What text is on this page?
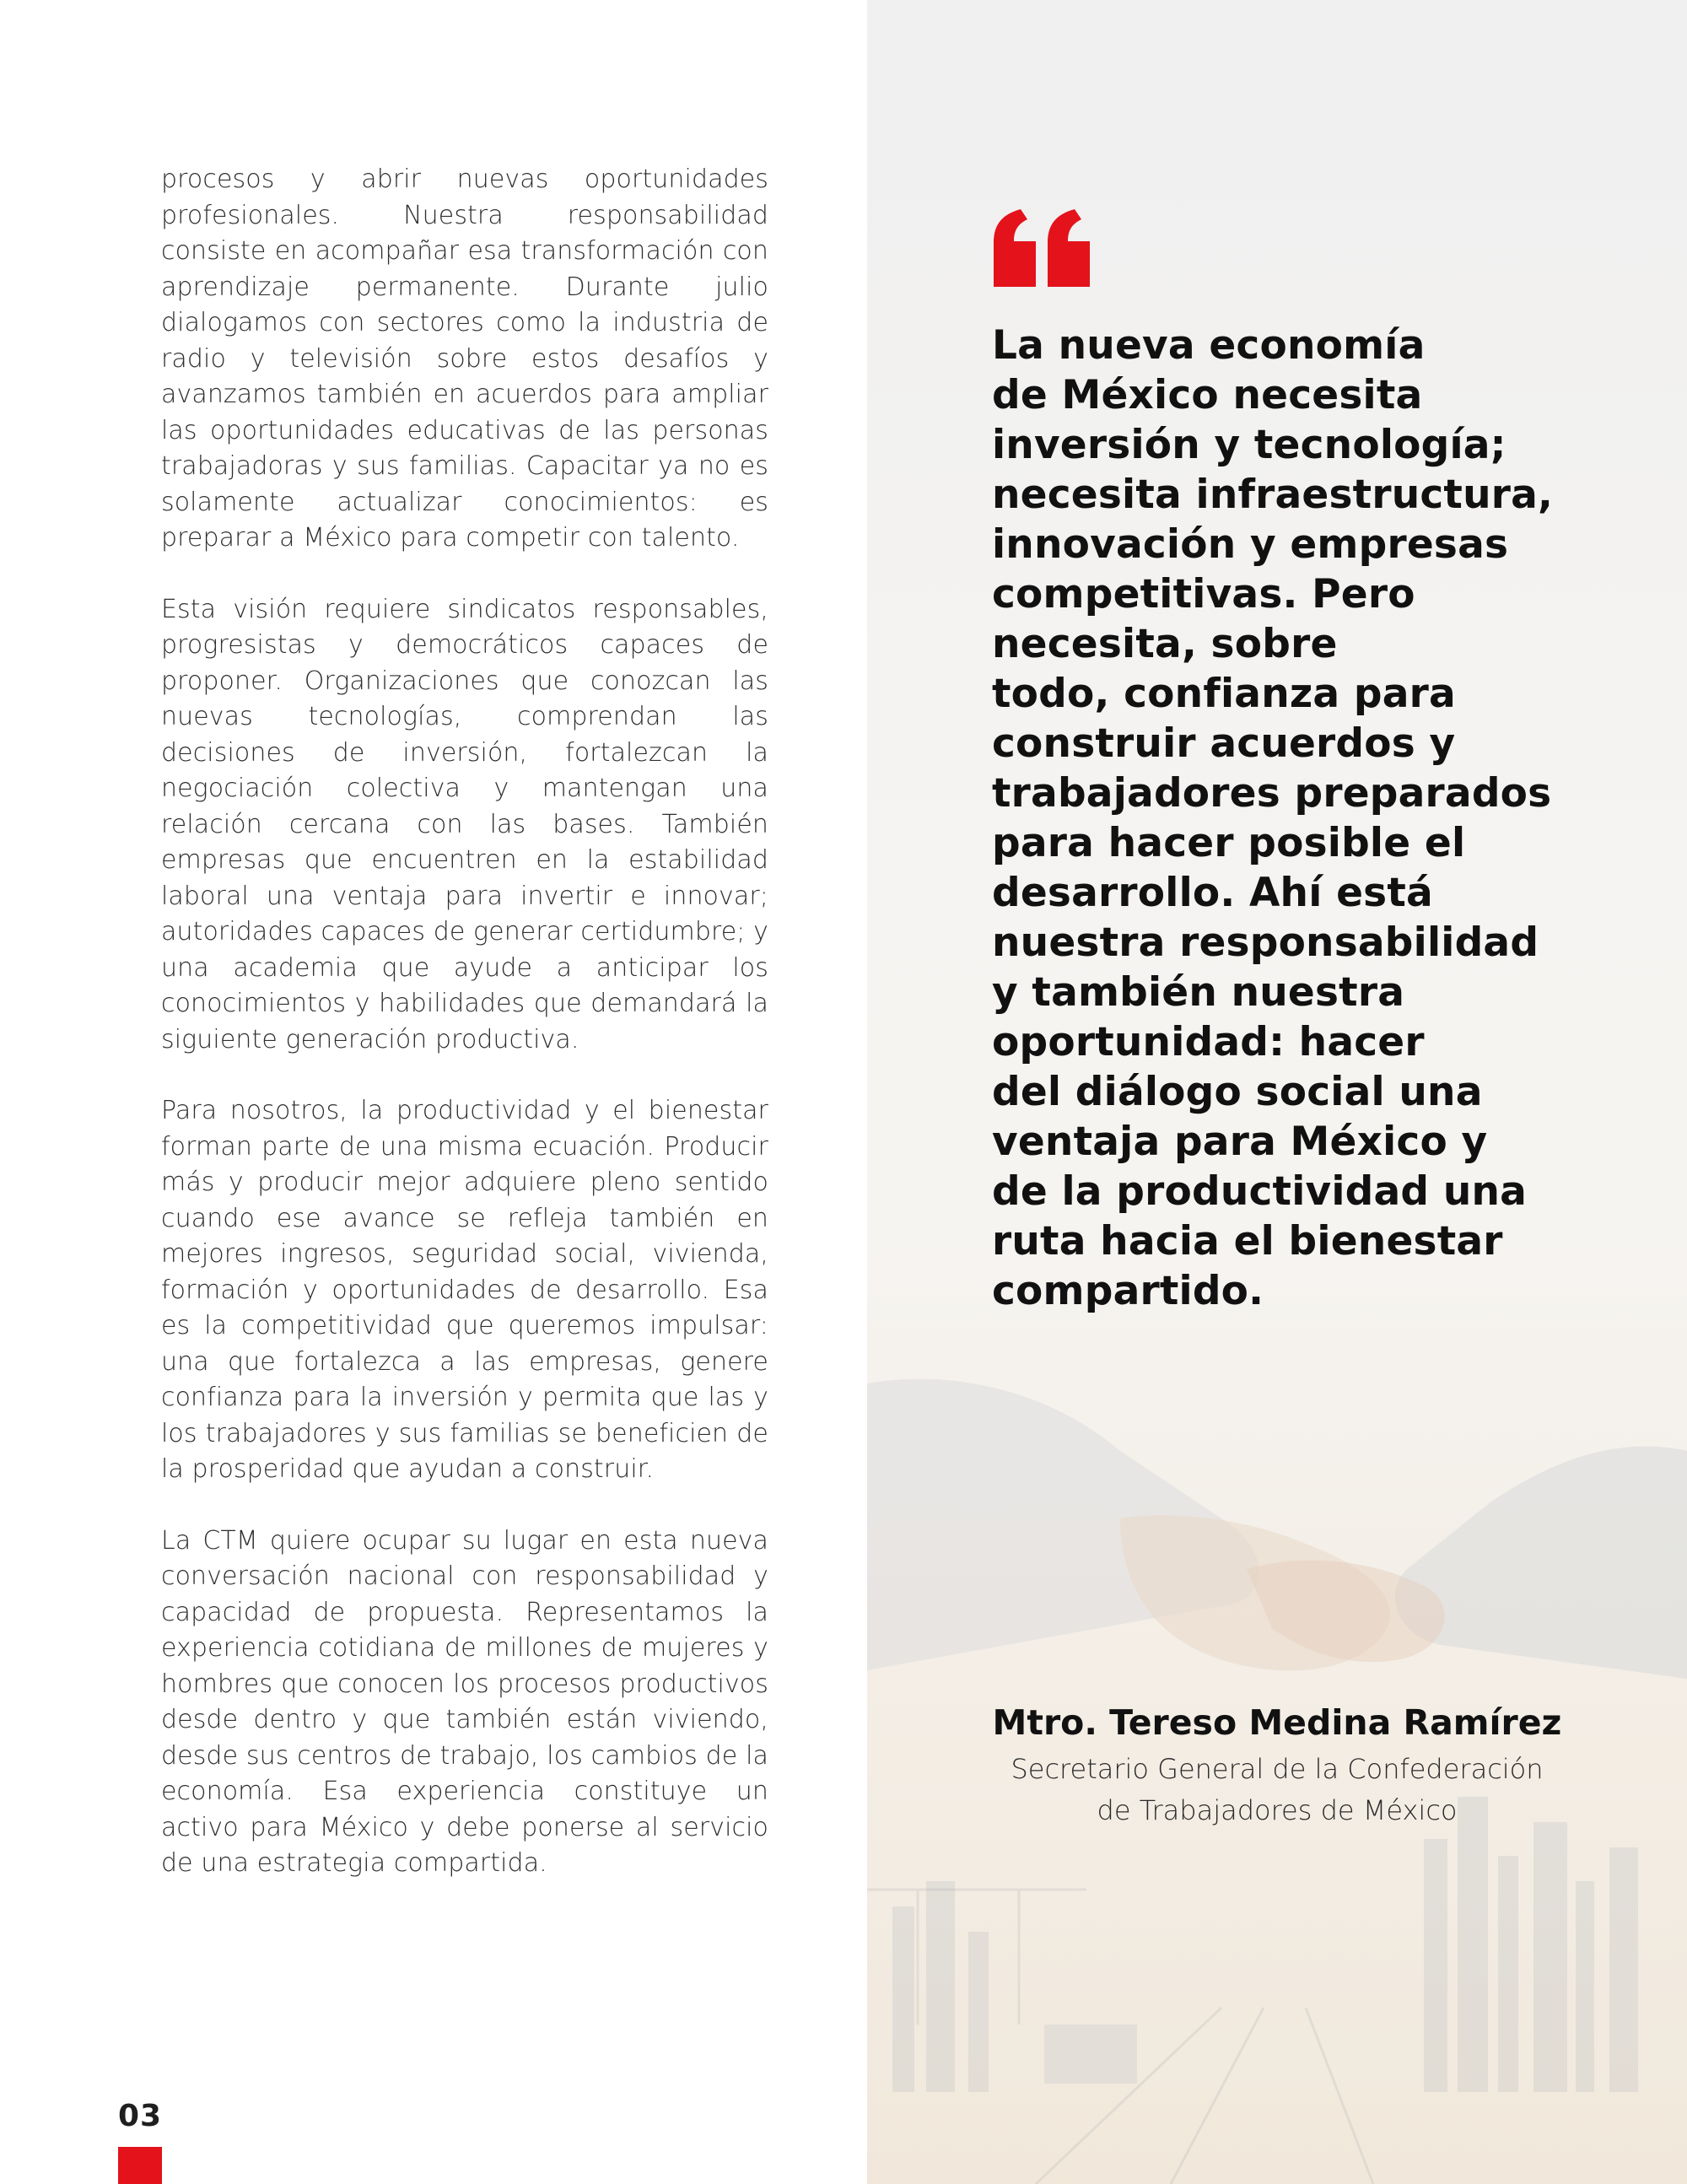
procesos y abrir nuevas oportunidades profesionales. Nuestra responsabilidad consiste en acompañar esa transformación con aprendizaje permanente. Durante julio dialogamos con sectores como la industria de radio y televisión sobre estos desafíos y avanzamos también en acuerdos para ampliar las oportunidades educativas de las personas trabajadoras y sus familias. Capacitar ya no es solamente actualizar conocimientos: es preparar a México para competir con talento.

Esta visión requiere sindicatos responsables, progresistas y democráticos capaces de proponer. Organizaciones que conozcan las nuevas tecnologías, comprendan las decisiones de inversión, fortalezcan la negociación colectiva y mantengan una relación cercana con las bases. También empresas que encuentren en la estabilidad laboral una ventaja para invertir e innovar; autoridades capaces de generar certidumbre; y una academia que ayude a anticipar los conocimientos y habilidades que demandará la siguiente generación productiva.

Para nosotros, la productividad y el bienestar forman parte de una misma ecuación. Producir más y producir mejor adquiere pleno sentido cuando ese avance se refleja también en mejores ingresos, seguridad social, vivienda, formación y oportunidades de desarrollo. Esa es la competitividad que queremos impulsar: una que fortalezca a las empresas, genere confianza para la inversión y permita que las y los trabajadores y sus familias se beneficien de la prosperidad que ayudan a construir.

La CTM quiere ocupar su lugar en esta nueva conversación nacional con responsabilidad y capacidad de propuesta. Representamos la experiencia cotidiana de millones de mujeres y hombres que conocen los procesos productivos desde dentro y que también están viviendo, desde sus centros de trabajo, los cambios de la economía. Esa experiencia constituye un activo para México y debe ponerse al servicio de una estrategia compartida.

03
La nueva economía
de México necesita
inversión y tecnología;
necesita infraestructura,
innovación y empresas
competitivas. Pero
necesita, sobre
todo, confianza para
construir acuerdos y
trabajadores preparados
para hacer posible el
desarrollo. Ahí está
nuestra responsabilidad
y también nuestra
oportunidad: hacer
del diálogo social una
ventaja para México y
de la productividad una
ruta hacia el bienestar
compartido.
Mtro. Tereso Medina Ramírez
Secretario General de la Confederación
de Trabajadores de México
